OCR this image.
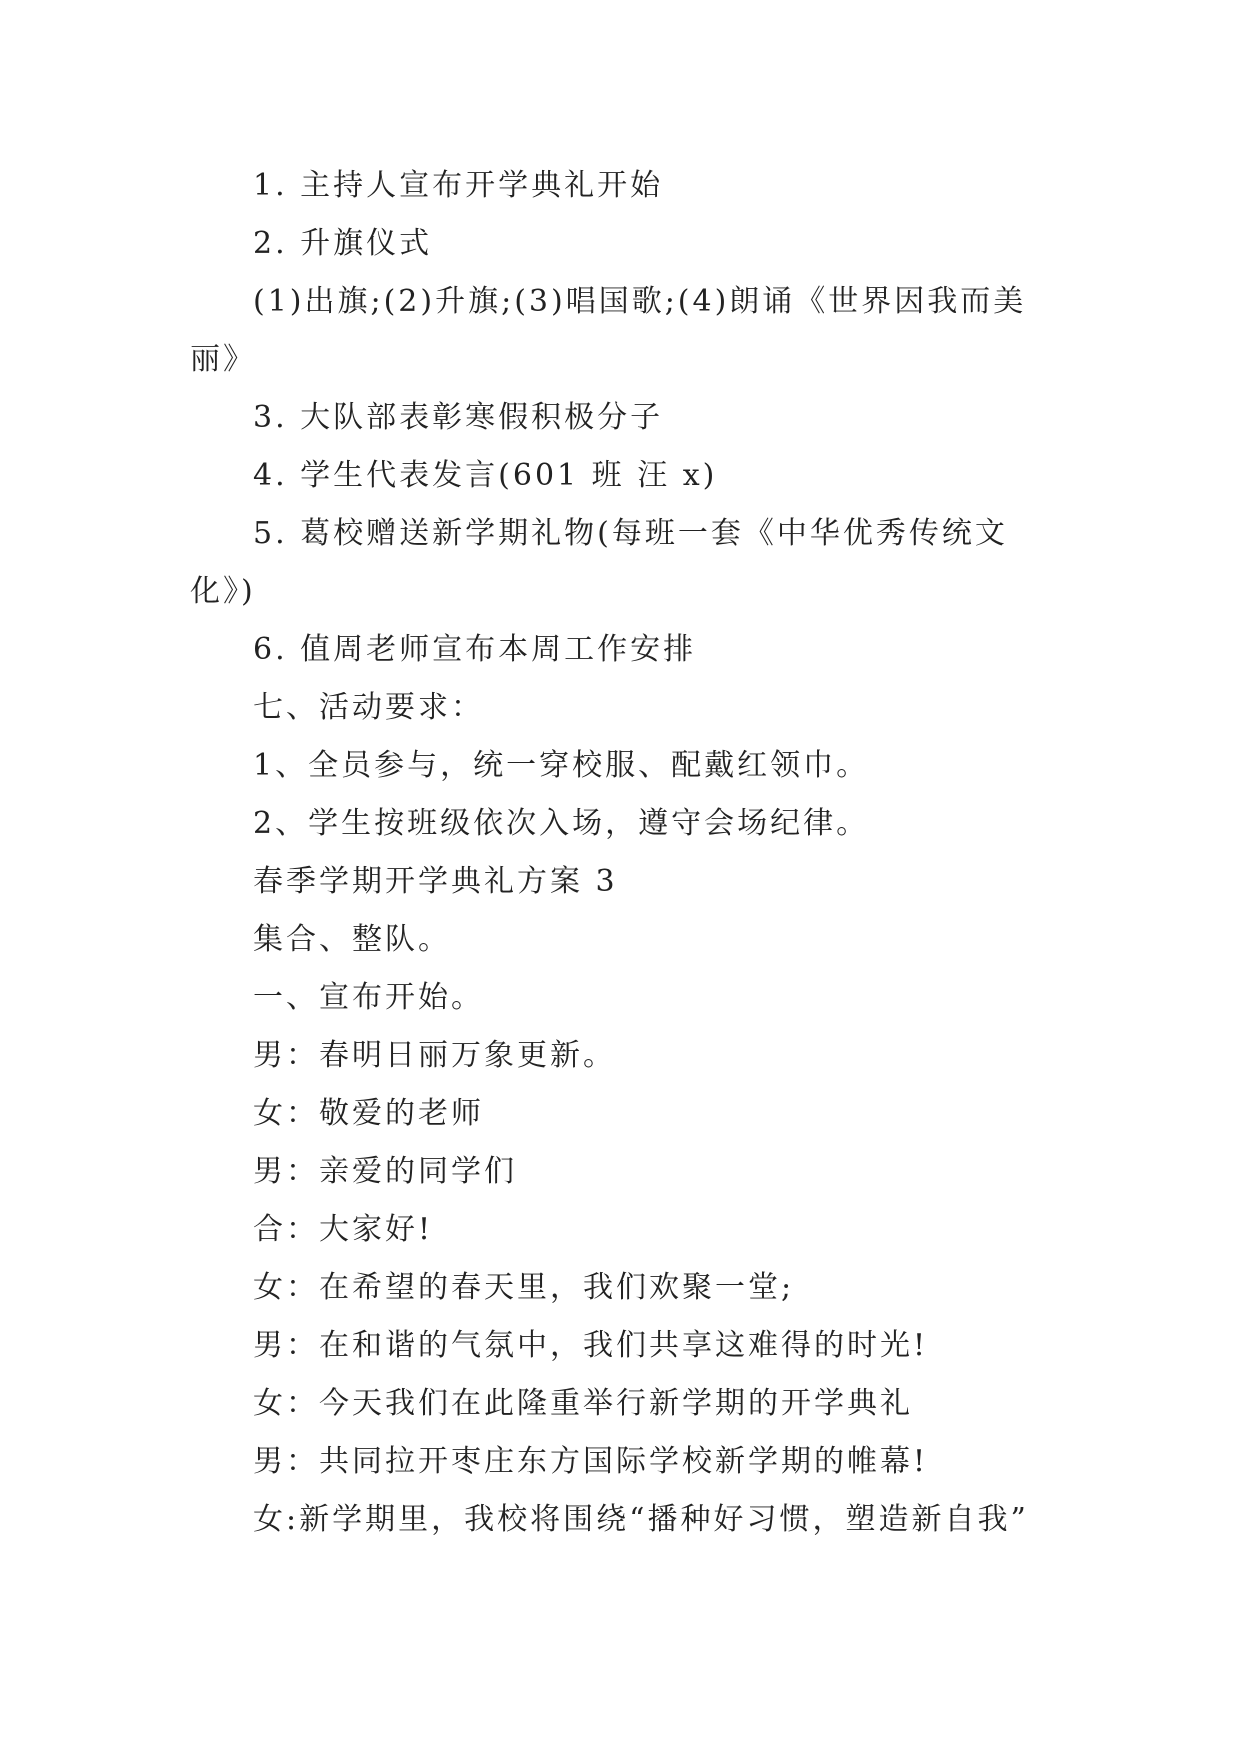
1. 主持人宣布开学典礼开始
2. 升旗仪式
(1)出旗;(2)升旗;(3)唱国歌;(4)朗诵《世界因我而美
丽》
3. 大队部表彰寒假积极分子
4. 学生代表发言(601 班 汪 x)
5. 葛校赠送新学期礼物(每班一套《中华优秀传统文
化》)
6. 值周老师宣布本周工作安排
七、活动要求：
1、全员参与，统一穿校服、配戴红领巾。
2、学生按班级依次入场，遵守会场纪律。
春季学期开学典礼方案 3
集合、整队。
一、宣布开始。
男：春明日丽万象更新。
女：敬爱的老师
男：亲爱的同学们
合：大家好!
女：在希望的春天里，我们欢聚一堂;
男：在和谐的气氛中，我们共享这难得的时光!
女：今天我们在此隆重举行新学期的开学典礼
男：共同拉开枣庄东方国际学校新学期的帷幕!
女:新学期里，我校将围绕“播种好习惯，塑造新自我”
